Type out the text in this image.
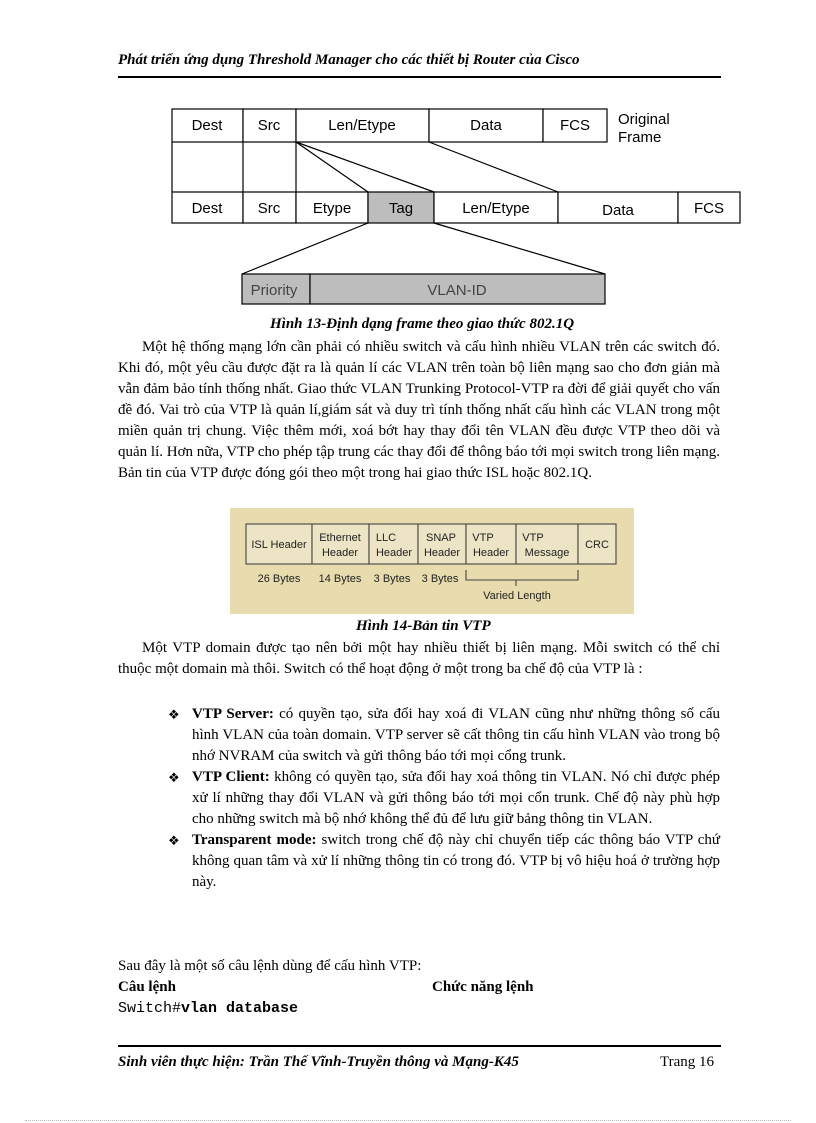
Phát triển ứng dụng Threshold Manager cho các thiết bị Router của Cisco
Dest Src	Len/Etype	Data	FCS Original
Frame
Dest Src Etype	Tag	Len/Etype	Data	FCS
Priority	VLAN-ID
Hình 13-Định dạng frame theo giao thức 802.1Q
Một hệ thống mạng lớn cần phải có nhiều switch và cấu hình nhiều VLAN trên các switch đó. Khi đó, một yêu cầu được đặt ra là quản lí các VLAN trên toàn bộ liên mạng sao cho đơn giản mà vẫn đảm bảo tính thống nhất. Giao thức VLAN Trunking Protocol-VTP ra đời để giải quyết cho vấn đề đó. Vai trò của VTP là quản lí,giám sát và duy trì tính thống nhất cấu hình các VLAN trong một miền quản trị chung. Việc thêm mới, xoá bớt hay thay đổi tên VLAN đều được VTP theo dõi và quản lí. Hơn nữa, VTP cho phép tập trung các thay đổi để thông báo tới mọi switch trong liên mạng. Bản tin của VTP được đóng gói theo một trong hai giao thức ISL hoặc 802.1Q.
ISL Header
Ethernet
Header
LLC
Header
SNAP
Header
VTP
Header
VTP
Message
CRC
26 Bytes 14 Bytes 3 Bytes 3 Bytes
Varied Length
Hình 14-Bản tin VTP
Một VTP domain được tạo nên bởi một hay nhiều thiết bị liên mạng. Mỗi switch có thể chỉ thuộc một domain mà thôi. Switch có thể hoạt động ở một trong ba chế độ của VTP là :
❖ VTP Server: có quyền tạo, sửa đổi hay xoá đi VLAN cũng như những thông số cấu hình VLAN của toàn domain. VTP server sẽ cất thông tin cấu hình VLAN vào trong bộ nhớ NVRAM của switch và gửi thông báo tới mọi cổng trunk.
❖ VTP Client: không có quyền tạo, sửa đổi hay xoá thông tin VLAN. Nó chỉ được phép xử lí những thay đổi VLAN và gửi thông báo tới mọi cổn trunk. Chế độ này phù hợp cho những switch mà bộ nhớ không thể đủ để lưu giữ bảng thông tin VLAN.
❖ Transparent mode: switch trong chế độ này chỉ chuyển tiếp các thông báo VTP chứ không quan tâm và xử lí những thông tin có trong đó. VTP bị vô hiệu hoá ở trường hợp này.
Sau đây là một số câu lệnh dùng để cấu hình VTP:
Câu lệnh	Chức năng lệnh
Switch#vlan database
Sinh viên thực hiện: Trần Thế Vĩnh-Truyền thông và Mạng-K45	Trang 16
